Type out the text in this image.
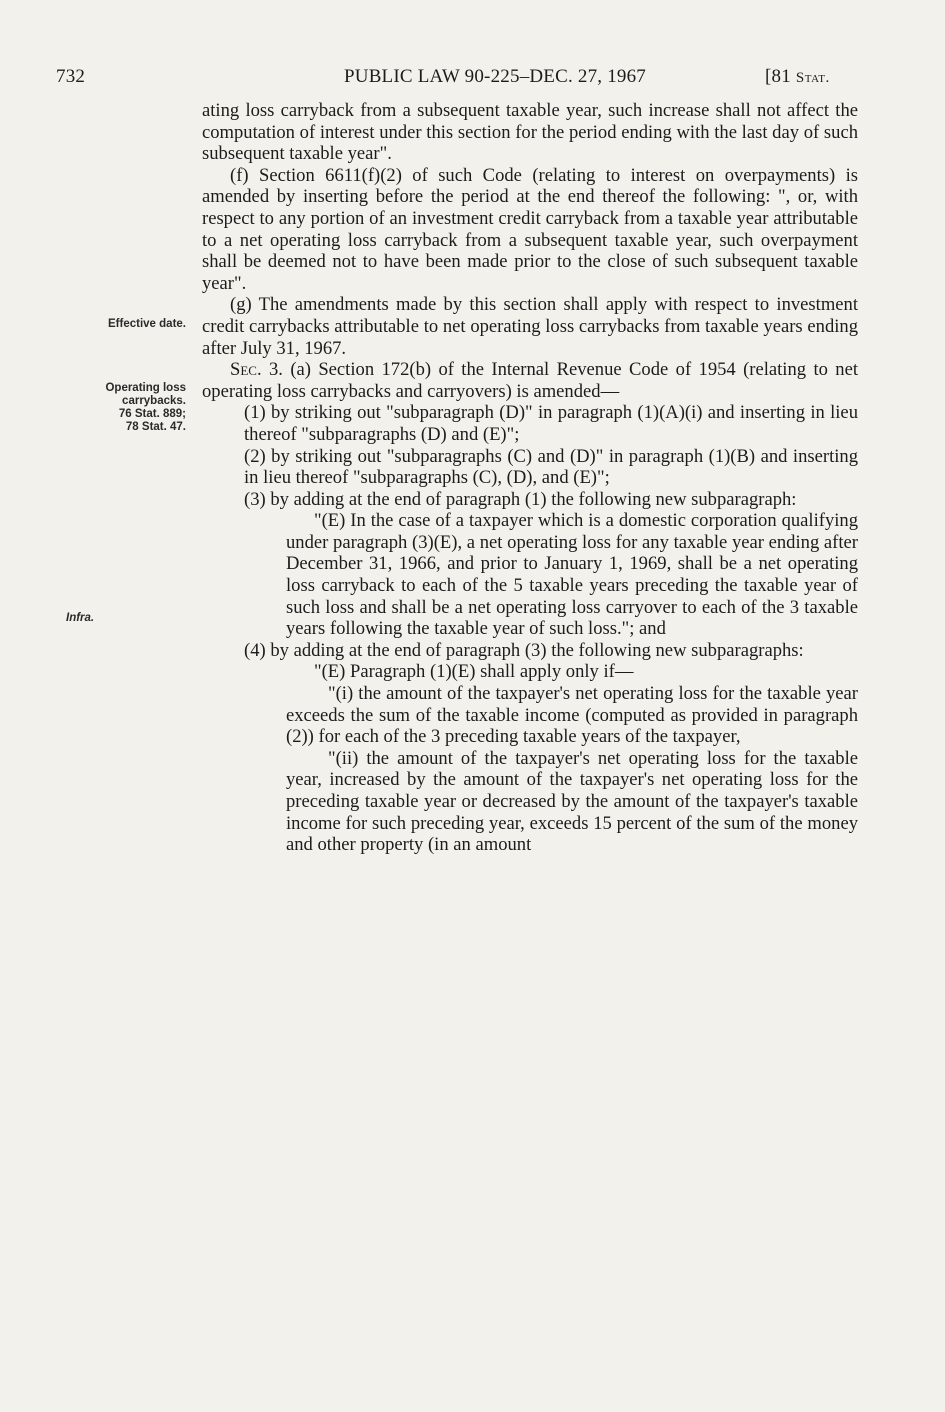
732	PUBLIC LAW 90-225–DEC. 27, 1967	[81 Stat.
Effective date.
Operating loss
carrybacks.
76 Stat. 889;
78 Stat. 47.
Infra.

ating loss carryback from a subsequent taxable year, such increase shall not affect the computation of interest under this section for the period ending with the last day of such subsequent taxable year".

(f) Section 6611(f)(2) of such Code (relating to interest on overpayments) is amended by inserting before the period at the end thereof the following: ", or, with respect to any portion of an investment credit carryback from a taxable year attributable to a net operating loss carryback from a subsequent taxable year, such overpayment shall be deemed not to have been made prior to the close of such subsequent taxable year".

(g) The amendments made by this section shall apply with respect to investment credit carrybacks attributable to net operating loss carrybacks from taxable years ending after July 31, 1967.

Sec. 3. (a) Section 172(b) of the Internal Revenue Code of 1954 (relating to net operating loss carrybacks and carryovers) is amended—

(1) by striking out "subparagraph (D)" in paragraph (1)(A)(i) and inserting in lieu thereof "subparagraphs (D) and (E)";

(2) by striking out "subparagraphs (C) and (D)" in paragraph (1)(B) and inserting in lieu thereof "subparagraphs (C), (D), and (E)";

(3) by adding at the end of paragraph (1) the following new subparagraph:

"(E) In the case of a taxpayer which is a domestic corporation qualifying under paragraph (3)(E), a net operating loss for any taxable year ending after December 31, 1966, and prior to January 1, 1969, shall be a net operating loss carryback to each of the 5 taxable years preceding the taxable year of such loss and shall be a net operating loss carryover to each of the 3 taxable years following the taxable year of such loss."; and

(4) by adding at the end of paragraph (3) the following new subparagraphs:

"(E) Paragraph (1)(E) shall apply only if—

"(i) the amount of the taxpayer's net operating loss for the taxable year exceeds the sum of the taxable income (computed as provided in paragraph (2)) for each of the 3 preceding taxable years of the taxpayer,

"(ii) the amount of the taxpayer's net operating loss for the taxable year, increased by the amount of the taxpayer's net operating loss for the preceding taxable year or decreased by the amount of the taxpayer's taxable income for such preceding year, exceeds 15 percent of the sum of the money and other property (in an amount
